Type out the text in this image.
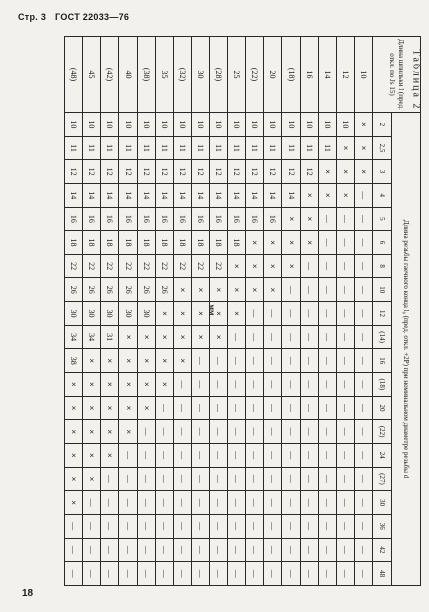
Стр. 3 ГОСТ 22033—76
Таблица 2
мм
Длина шпильки l (пред. откл. по Js 15)	Длина резьбы гаечного конца l₀ (пред. откл. +2P) при номинальном диаметре резьбы d																			
	2	2,5	3	4	5	6	8	10	12	(14)	16	(18)	20	(22)	24	(27)	30	36	42	48
10	×	×	×	—	—	—	—	—	—	—	—	—	—	—	—	—	—	—	—	—
12	10	×	×	×	—	—	—	—	—	—	—	—	—	—	—	—	—	—	—	—
14	10	11	×	×	—	—	—	—	—	—	—	—	—	—	—	—	—	—	—	—
16	10	11	12	×	×	×	—	—	—	—	—	—	—	—	—	—	—	—	—	—
(18)	10	11	12	14	×	×	×	—	—	—	—	—	—	—	—	—	—	—	—	—
20	10	11	12	14	16	×	×	×	—	—	—	—	—	—	—	—	—	—	—	—
(22)	10	11	12	14	16	×	×	×	—	—	—	—	—	—	—	—	—	—	—	—
25	10	11	12	14	16	18	×	×	×	—	—	—	—	—	—	—	—	—	—	—
(28)	10	11	12	14	16	18	22	×	×	×	—	—	—	—	—	—	—	—	—	—
30	10	11	12	14	16	18	22	×	×	×	—	—	—	—	—	—	—	—	—	—
(32)	10	11	12	14	16	18	22	×	×	×	×	—	—	—	—	—	—	—	—	—
35	10	11	12	14	16	18	22	26	×	×	×	×	—	—	—	—	—	—	—	—
(38)	10	11	12	14	16	18	22	26	30	×	×	×	×	—	—	—	—	—	—	—
40	10	11	12	14	16	18	22	26	30	×	×	×	×	×	—	—	—	—	—	—
(42)	10	11	12	14	16	18	22	26	30	31	×	×	×	×	×	—	—	—	—	—
45	10	11	12	14	16	18	22	26	30	34	×	×	×	×	×	×	—	—	—	—
(48)	10	11	12	14	16	18	22	26	30	34	38	×	×	×	×	×	×	—	—	—
18
